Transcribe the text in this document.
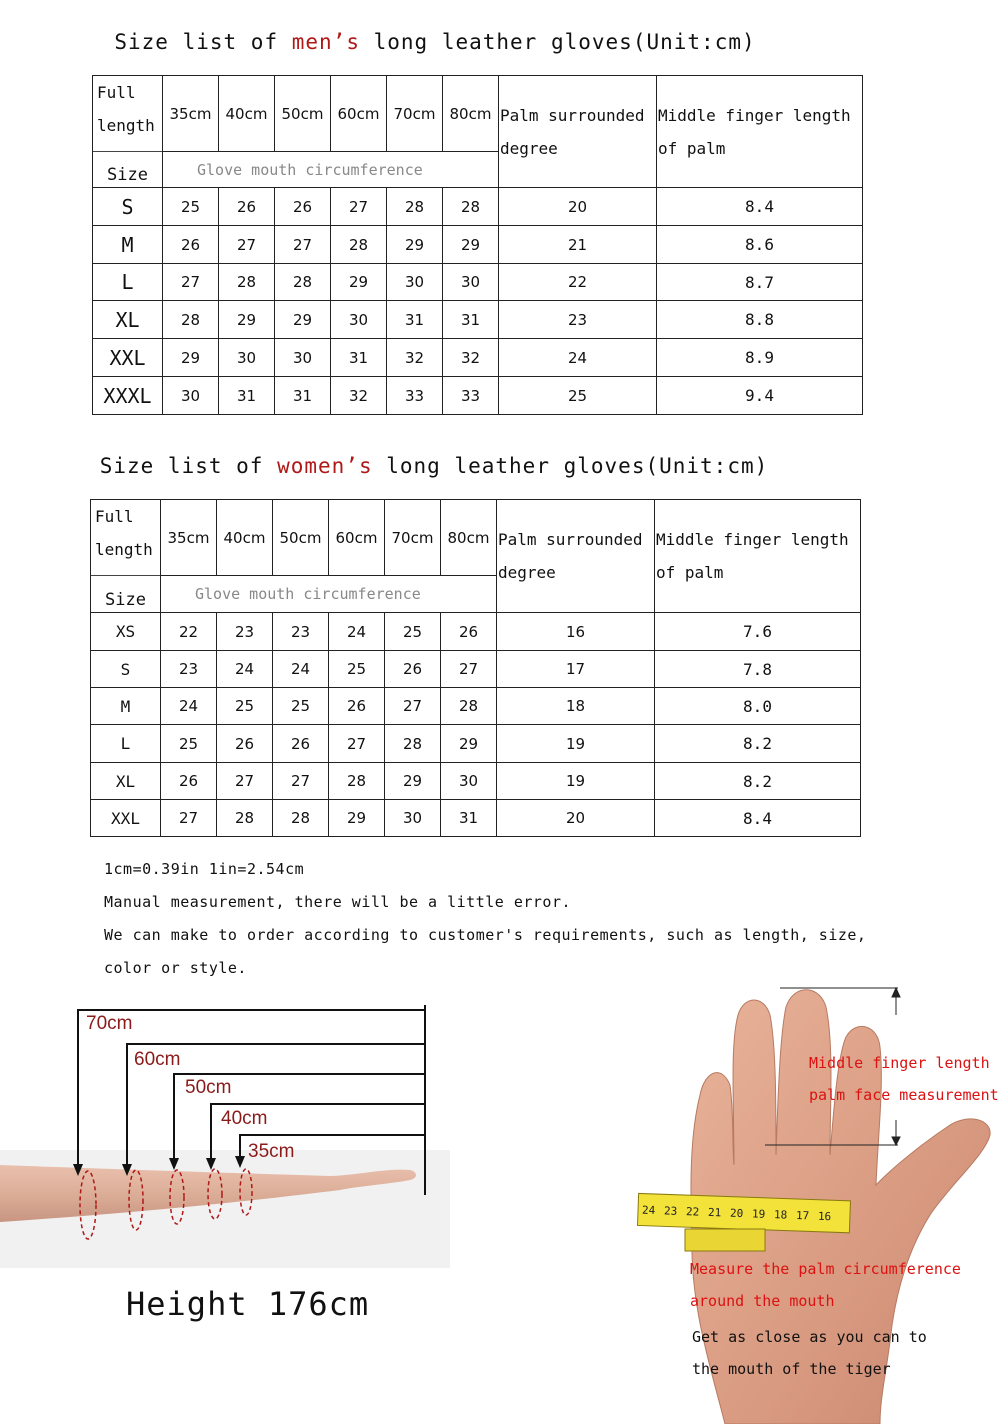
Size list of men’s long leather gloves(Unit:cm)
Full
length	35cm	40cm	50cm	60cm	70cm	80cm	Palm surrounded
degree	Middle finger length
of palm
Size	Glove mouth circumference							
S	25	26	26	27	28	28	20	8.4
M	26	27	27	28	29	29	21	8.6
L	27	28	28	29	30	30	22	8.7
XL	28	29	29	30	31	31	23	8.8
XXL	29	30	30	31	32	32	24	8.9
XXXL	30	31	31	32	33	33	25	9.4
Size list of women’s long leather gloves(Unit:cm)
Full
length	35cm	40cm	50cm	60cm	70cm	80cm	Palm surrounded
degree	Middle finger length
of palm
Size	Glove mouth circumference							
XS	22	23	23	24	25	26	16	7.6
S	23	24	24	25	26	27	17	7.8
M	24	25	25	26	27	28	18	8.0
L	25	26	26	27	28	29	19	8.2
XL	26	27	27	28	29	30	19	8.2
XXL	27	28	28	29	30	31	20	8.4
1cm=0.39in 1in=2.54cm
Manual measurement, there will be a little error.
We can make to order according to customer's requirements, such as length, size,
color or style.
70cm
60cm
50cm
40cm
35cm
Height 176cm
24 23 22 21 20 19 18 17 16
Middle finger length
palm face measurement
Measure the palm circumference
around the mouth
Get as close as you can to
the mouth of the tiger
